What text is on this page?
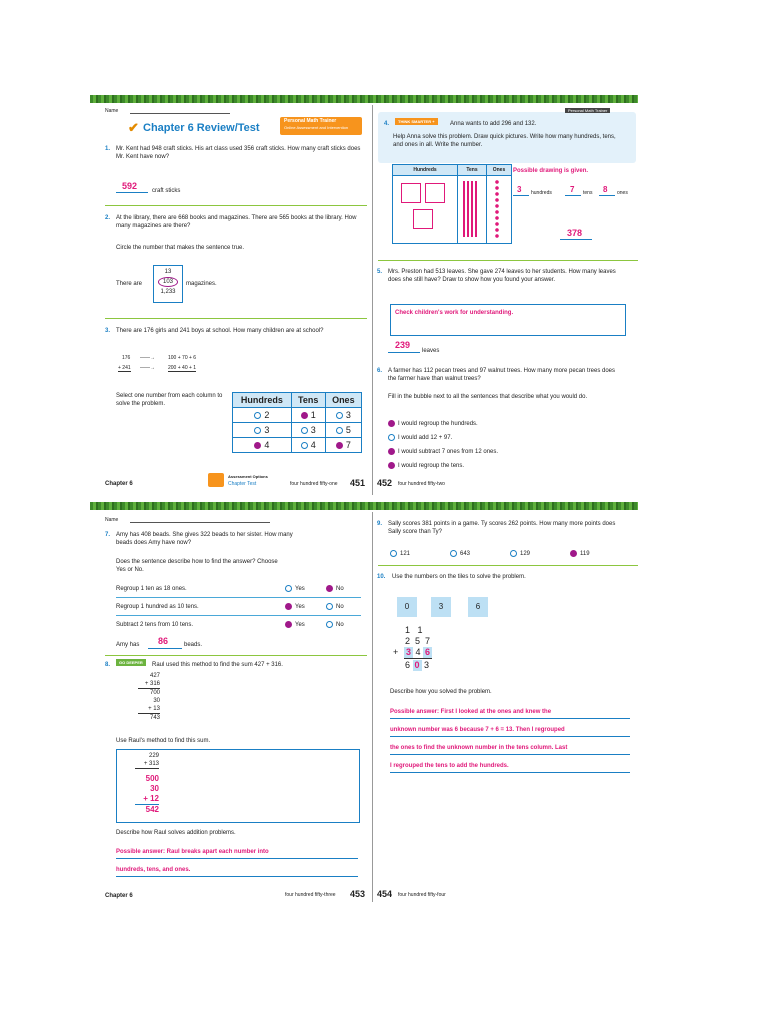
Name
✔ Chapter 6 Review/Test
Personal Math Trainer
Online Assessment and Intervention
1. Mr. Kent had 948 craft sticks. His art class used 356 craft sticks. How many craft sticks does Mr. Kent have now?
592 craft sticks
2. At the library, there are 668 books and magazines. There are 565 books at the library. How many magazines are there?
Circle the number that makes the sentence true.
There are
13
103
1,233
magazines.
3. There are 176 girls and 241 boys at school. How many children are at school?
176 ——→	100 + 70 + 6
+ 241 ——→	200 + 40 + 1
Select one number from each column to solve the problem.	Hundreds	Tens	Ones
2	1	3
3	3	5
4	4	7
Chapter 6
Assessment Options
Chapter Test	four hundred fifty-one 451
Personal Math Trainer
4.	THINK SMARTER +	Anna wants to add 296 and 132.
Help Anna solve this problem. Draw quick pictures. Write how many hundreds, tens, and ones in all. Write the number.
Hundreds	Tens	Ones	Possible drawing is given.
3 hundreds 7 tens 8 ones
378
5. Mrs. Preston had 513 leaves. She gave 274 leaves to her students. How many leaves does she still have? Draw to show how you found your answer.
Check children's work for understanding.
239
leaves
6. A farmer has 112 pecan trees and 97 walnut trees. How many more pecan trees does the farmer have than walnut trees?
Fill in the bubble next to all the sentences that describe what you would do.
I would regroup the hundreds.
I would add 12 + 97.
I would subtract 7 ones from 12 ones.
I would regroup the tens.
452 four hundred fifty-two
Name
7. Amy has 408 beads. She gives 322 beads to her sister. How many beads does Amy have now?
Does the sentence describe how to find the answer? Choose Yes or No.
Regroup 1 ten as 18 ones.	Yes	No
Regroup 1 hundred as 10 tens.	Yes	No
Subtract 2 tens from 10 tens.	Yes	No
Amy has 86	beads.
8.	GO DEEPER	Raul used this method to find the sum 427 + 316.
427
+ 316
700
30
+ 13
743
Use Raul's method to find this sum.
229
+ 313
500
30
+ 12
542
Describe how Raul solves addition problems.
Possible answer: Raul breaks apart each number into
hundreds, tens, and ones.
Chapter 6	four hundred fifty-three 453
9. Sally scores 381 points in a game. Ty scores 262 points. How many more points does Sally score than Ty?
121	643	129	119
10. Use the numbers on the tiles to solve the problem.
0	3	6
1   1
2  5  7
+ 3 4 6
6 0 3
Describe how you solved the problem.
Possible answer: First I looked at the ones and knew the
unknown number was 6 because 7 + 6 = 13. Then I regrouped
the ones to find the unknown number in the tens column. Last
I regrouped the tens to add the hundreds.
454 four hundred fifty-four
